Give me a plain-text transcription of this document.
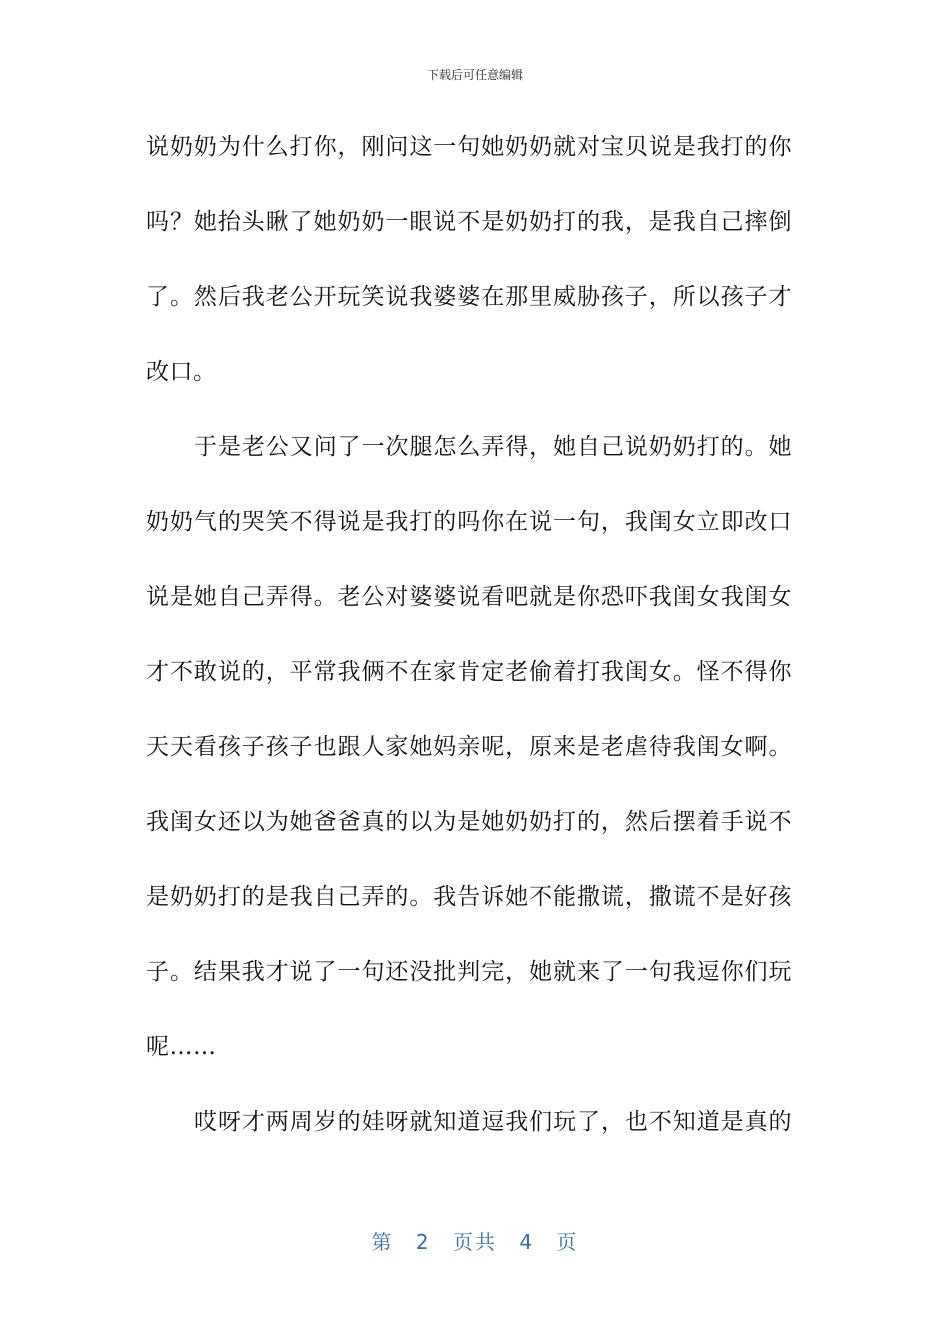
下载后可任意编辑
说奶奶为什么打你，刚问这一句她奶奶就对宝贝说是我打的你
吗？她抬头瞅了她奶奶一眼说不是奶奶打的我，是我自己摔倒
了。然后我老公开玩笑说我婆婆在那里威胁孩子，所以孩子才
改口。
于是老公又问了一次腿怎么弄得，她自己说奶奶打的。她
奶奶气的哭笑不得说是我打的吗你在说一句，我闺女立即改口
说是她自己弄得。老公对婆婆说看吧就是你恐吓我闺女我闺女
才不敢说的，平常我俩不在家肯定老偷着打我闺女。怪不得你
天天看孩子孩子也跟人家她妈亲呢，原来是老虐待我闺女啊。
我闺女还以为她爸爸真的以为是她奶奶打的，然后摆着手说不
是奶奶打的是我自己弄的。我告诉她不能撒谎，撒谎不是好孩
子。结果我才说了一句还没批判完，她就来了一句我逗你们玩
呢……
哎呀才两周岁的娃呀就知道逗我们玩了，也不知道是真的
第 2 页共 4 页
